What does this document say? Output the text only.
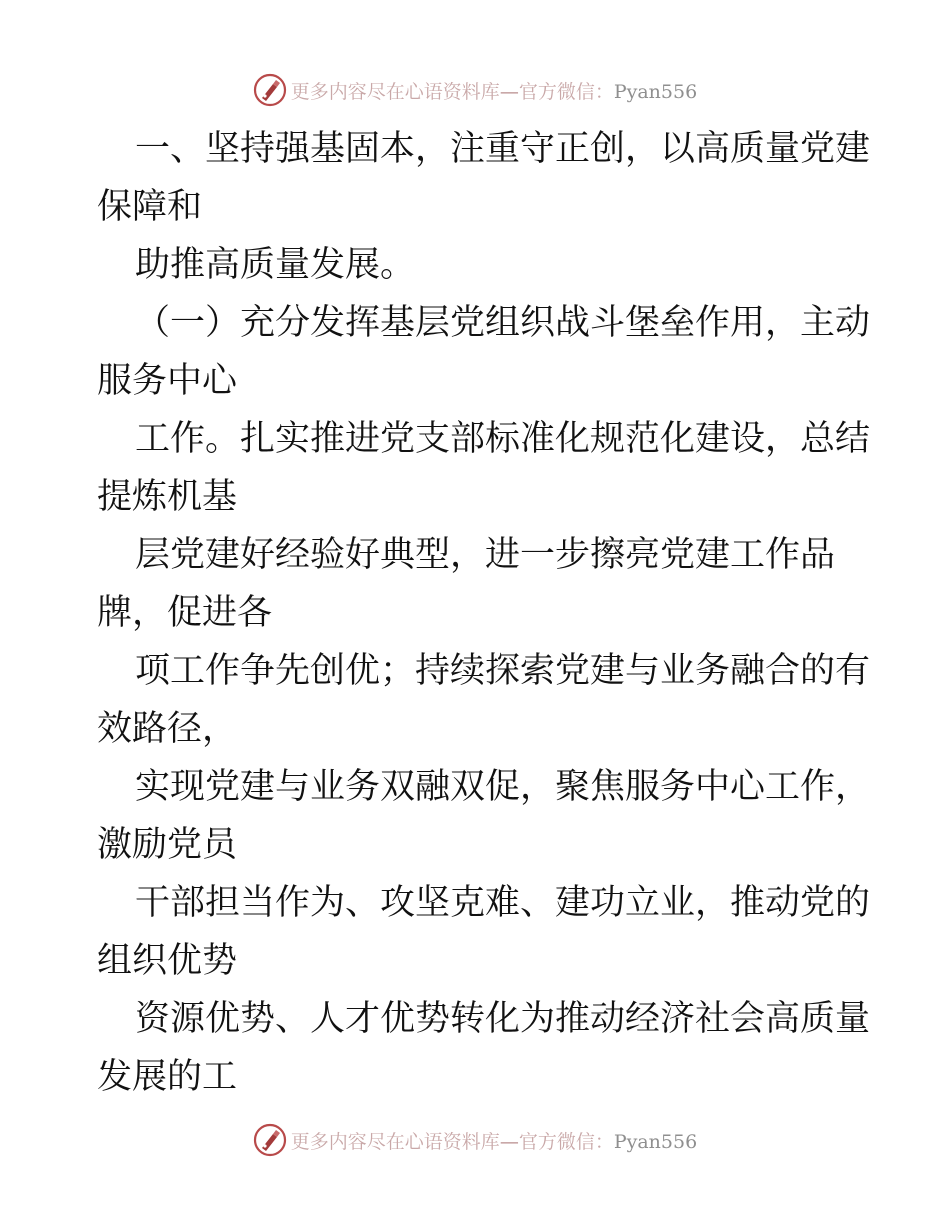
更多内容尽在心语资料库—官方微信：Pyan556
一、坚持强基固本，注重守正创，以高质量党建
保障和
助推高质量发展。
（一）充分发挥基层党组织战斗堡垒作用，主动
服务中心
工作。扎实推进党支部标准化规范化建设，总结
提炼机基
层党建好经验好典型，进一步擦亮党建工作品
牌，促进各
项工作争先创优；持续探索党建与业务融合的有
效路径，
实现党建与业务双融双促，聚焦服务中心工作，
激励党员
干部担当作为、攻坚克难、建功立业，推动党的
组织优势
资源优势、人才优势转化为推动经济社会高质量
发展的工
更多内容尽在心语资料库—官方微信：Pyan556
